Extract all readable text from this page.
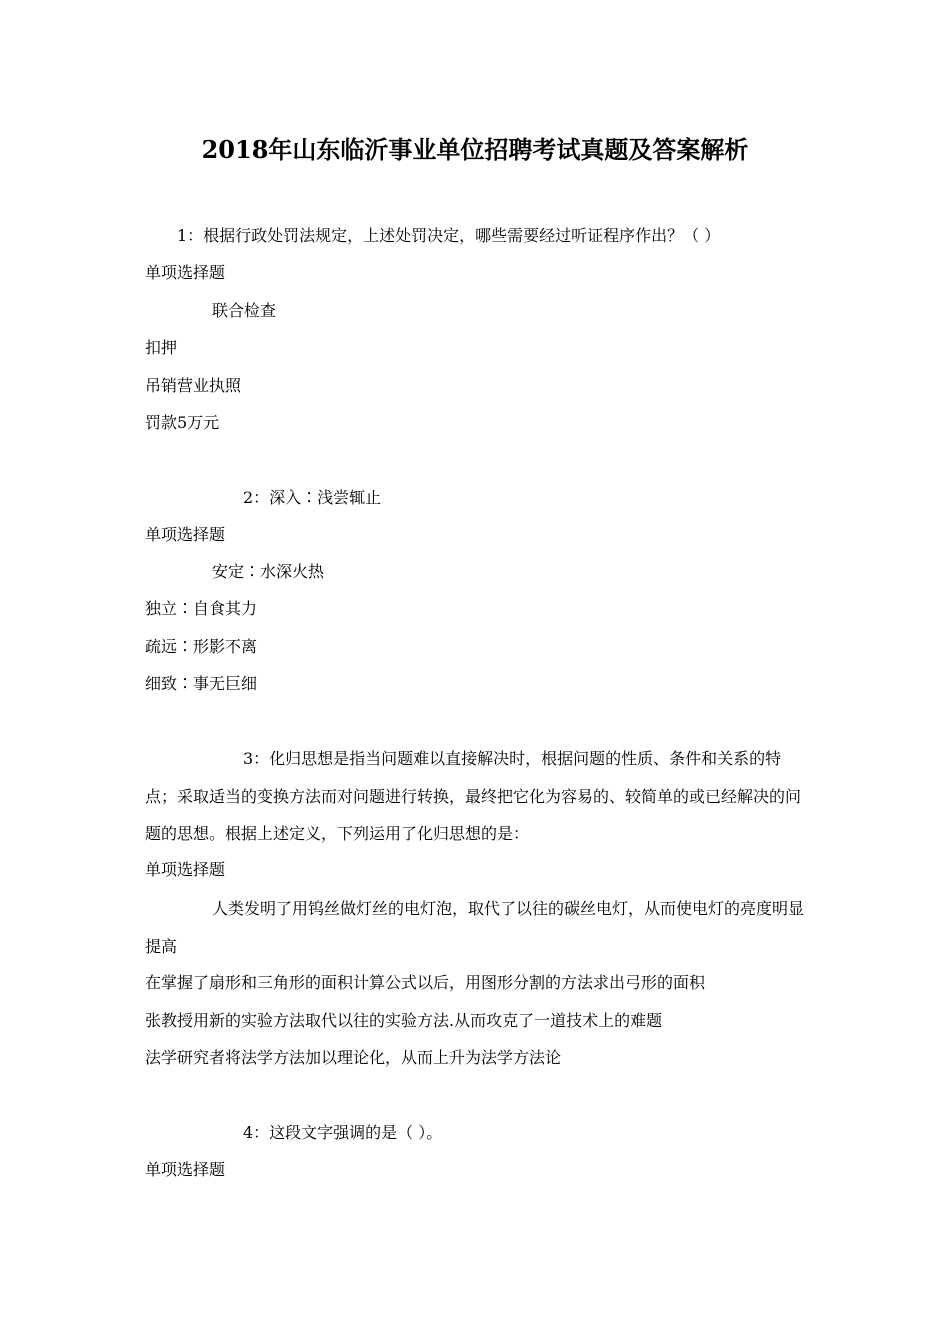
2018年山东临沂事业单位招聘考试真题及答案解析
1：根据行政处罚法规定，上述处罚决定，哪些需要经过听证程序作出？（ ）
单项选择题
联合检查
扣押
吊销营业执照
罚款5万元
2：深入∶浅尝辄止
单项选择题
安定∶水深火热
独立∶自食其力
疏远∶形影不离
细致∶事无巨细
3：化归思想是指当问题难以直接解决时，根据问题的性质、条件和关系的特点；采取适当的变换方法而对问题进行转换，最终把它化为容易的、较简单的或已经解决的问题的思想。根据上述定义，下列运用了化归思想的是：
单项选择题
人类发明了用钨丝做灯丝的电灯泡，取代了以往的碳丝电灯，从而使电灯的亮度明显提高
在掌握了扇形和三角形的面积计算公式以后，用图形分割的方法求出弓形的面积
张教授用新的实验方法取代以往的实验方法.从而攻克了一道技术上的难题
法学研究者将法学方法加以理论化，从而上升为法学方法论
4：这段文字强调的是（ ）。
单项选择题
